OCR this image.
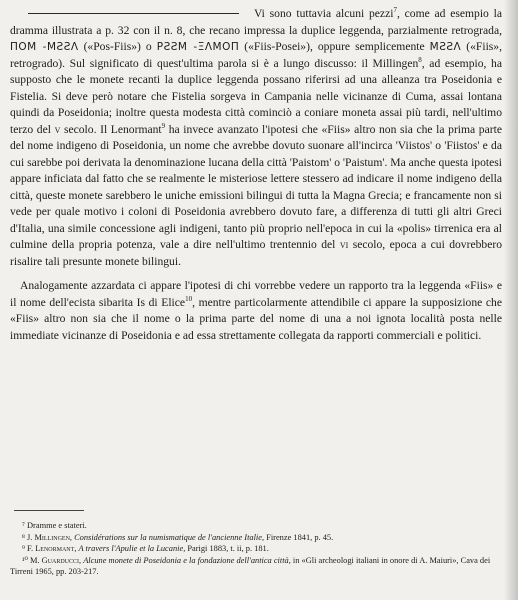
Vi sono tuttavia alcuni pezzi$^7$, come ad esempio la dramma illustrata a p. 32 con il n. 8, che recano impressa la duplice leggenda, parzialmente retrograda, ΠΟΜ -ΜƧƧΛ («Pos-Fiis») o ΡƧƧΜ -ΞΛΜΟΠ («Fiis-Posei»), oppure semplicemente ΜƧƧΛ («Fiis», retrogrado). Sul significato di quest'ultima parola si è a lungo discusso: il Millingen$^8$, ad esempio, ha supposto che le monete recanti la duplice leggenda possano riferirsi ad una alleanza tra Poseidonia e Fistelia. Si deve però notare che Fistelia sorgeva in Campania nelle vicinanze di Cuma, assai lontana quindi da Poseidonia; inoltre questa modesta città cominciò a coniare moneta assai più tardi, nell'ultimo terzo del v secolo. Il Lenormant$^9$ ha invece avanzato l'ipotesi che «Fiis» altro non sia che la prima parte del nome indigeno di Poseidonia, un nome che avrebbe dovuto suonare all'incirca 'Viistos' o 'Fiistos' e da cui sarebbe poi derivata la denominazione lucana della città 'Paistom' o 'Paistum'. Ma anche questa ipotesi appare inficiata dal fatto che se realmente le misteriose lettere stessero ad indicare il nome indigeno della città, queste monete sarebbero le uniche emissioni bilingui di tutta la Magna Grecia; e francamente non si vede per quale motivo i coloni di Poseidonia avrebbero dovuto fare, a differenza di tutti gli altri Greci d'Italia, una simile concessione agli indigeni, tanto più proprio nell'epoca in cui la «polis» tirrenica era al culmine della propria potenza, vale a dire nell'ultimo trentennio del vi secolo, epoca a cui dovrebbero risalire tali presunte monete bilingui.

Analogamente azzardata ci appare l'ipotesi di chi vorrebbe vedere un rapporto tra la leggenda «Fiis» e il nome dell'ecista sibarita Is di Elice$^{10}$, mentre particolarmente attendibile ci appare la supposizione che «Fiis» altro non sia che il nome o la prima parte del nome di una a noi ignota località posta nelle immediate vicinanze di Poseidonia e ad essa strettamente collegata da rapporti commerciali e politici.

⁷ Dramme e stateri.

⁸ J. Millingen, Considérations sur la numismatique de l'ancienne Italie, Firenze 1841, p. 45.

⁹ F. Lenormant, A travers l'Apulie et la Lucanie, Parigi 1883, t. ii, p. 181.

¹⁰ M. Guarducci, Alcune monete di Poseidonia e la fondazione dell'antica città, in «Gli archeologi italiani in onore di A. Maiuri», Cava dei Tirreni 1965, pp. 203-217.
